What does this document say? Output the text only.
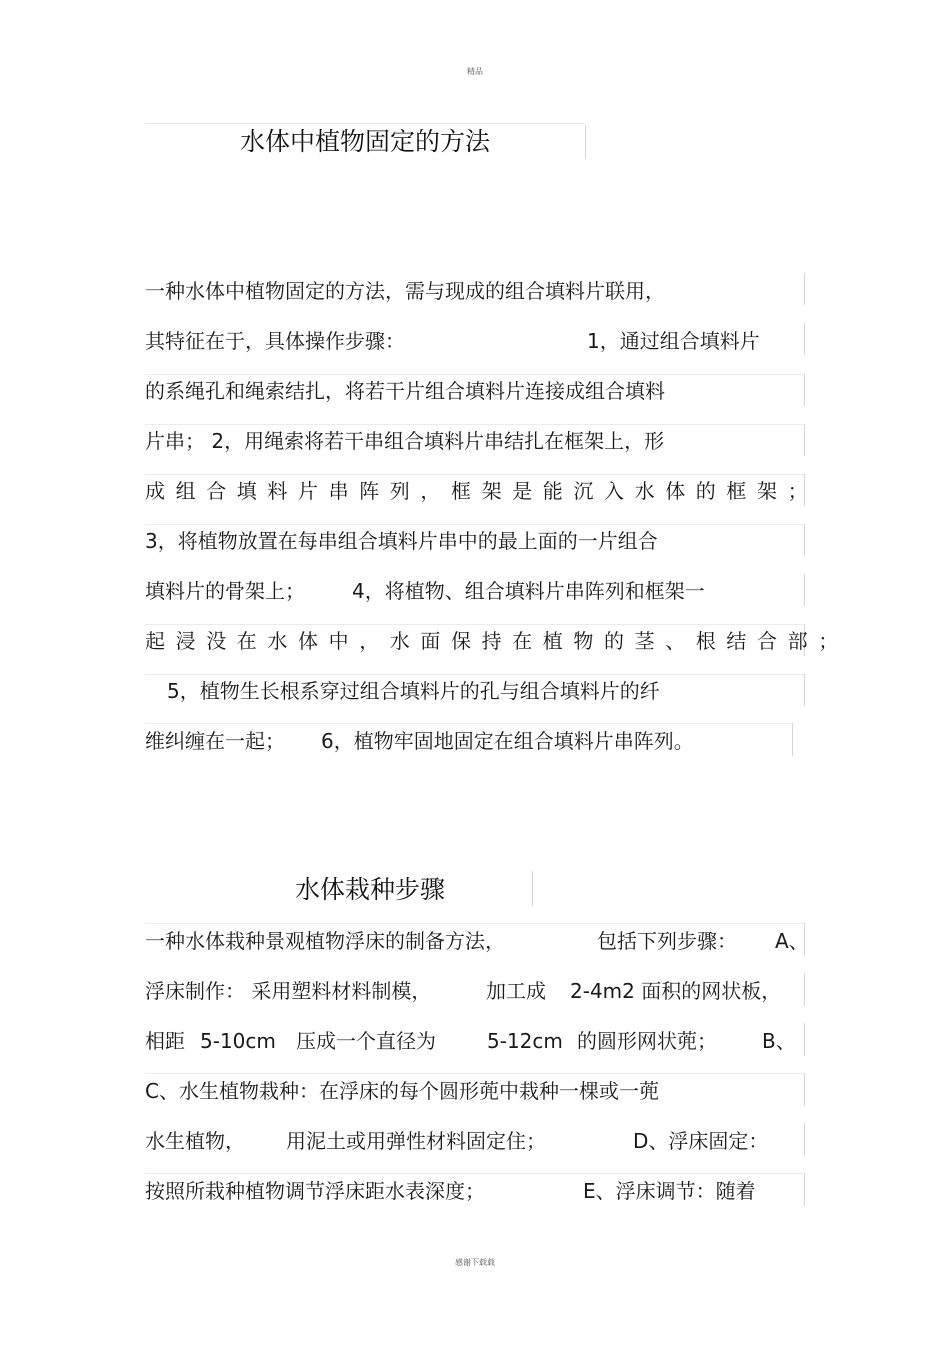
精品
水体中植物固定的方法
一种水体中植物固定的方法，需与现成的组合填料片联用，
其特征在于，具体操作步骤：	1，通过组合填料片
的系绳孔和绳索结扎，将若干片组合填料片连接成组合填料
片串； 2，用绳索将若干串组合填料片串结扎在框架上，形
成组合填料片串阵列，框架是能沉入水体的框架；
3，将植物放置在每串组合填料片串中的最上面的一片组合
填料片的骨架上； 4，将植物、组合填料片串阵列和框架一
起浸没在水体中，水面保持在植物的茎、根结合部；
5，植物生长根系穿过组合填料片的孔与组合填料片的纤
维纠缠在一起； 6，植物牢固地固定在组合填料片串阵列。
水体栽种步骤
一种水体栽种景观植物浮床的制备方法，	包括下列步骤： A、
浮床制作： 采用塑料材料制模，	加工成 2-4m2 面积的网状板，
相距 5-10cm 压成一个直径为	5-12cm 的圆形网状蔸； B、
C、水生植物栽种：在浮床的每个圆形蔸中栽种一棵或一蔸
水生植物， 用泥土或用弹性材料固定住；	D、浮床固定：
按照所栽种植物调节浮床距水表深度；	E、浮床调节：随着
感谢下载载
